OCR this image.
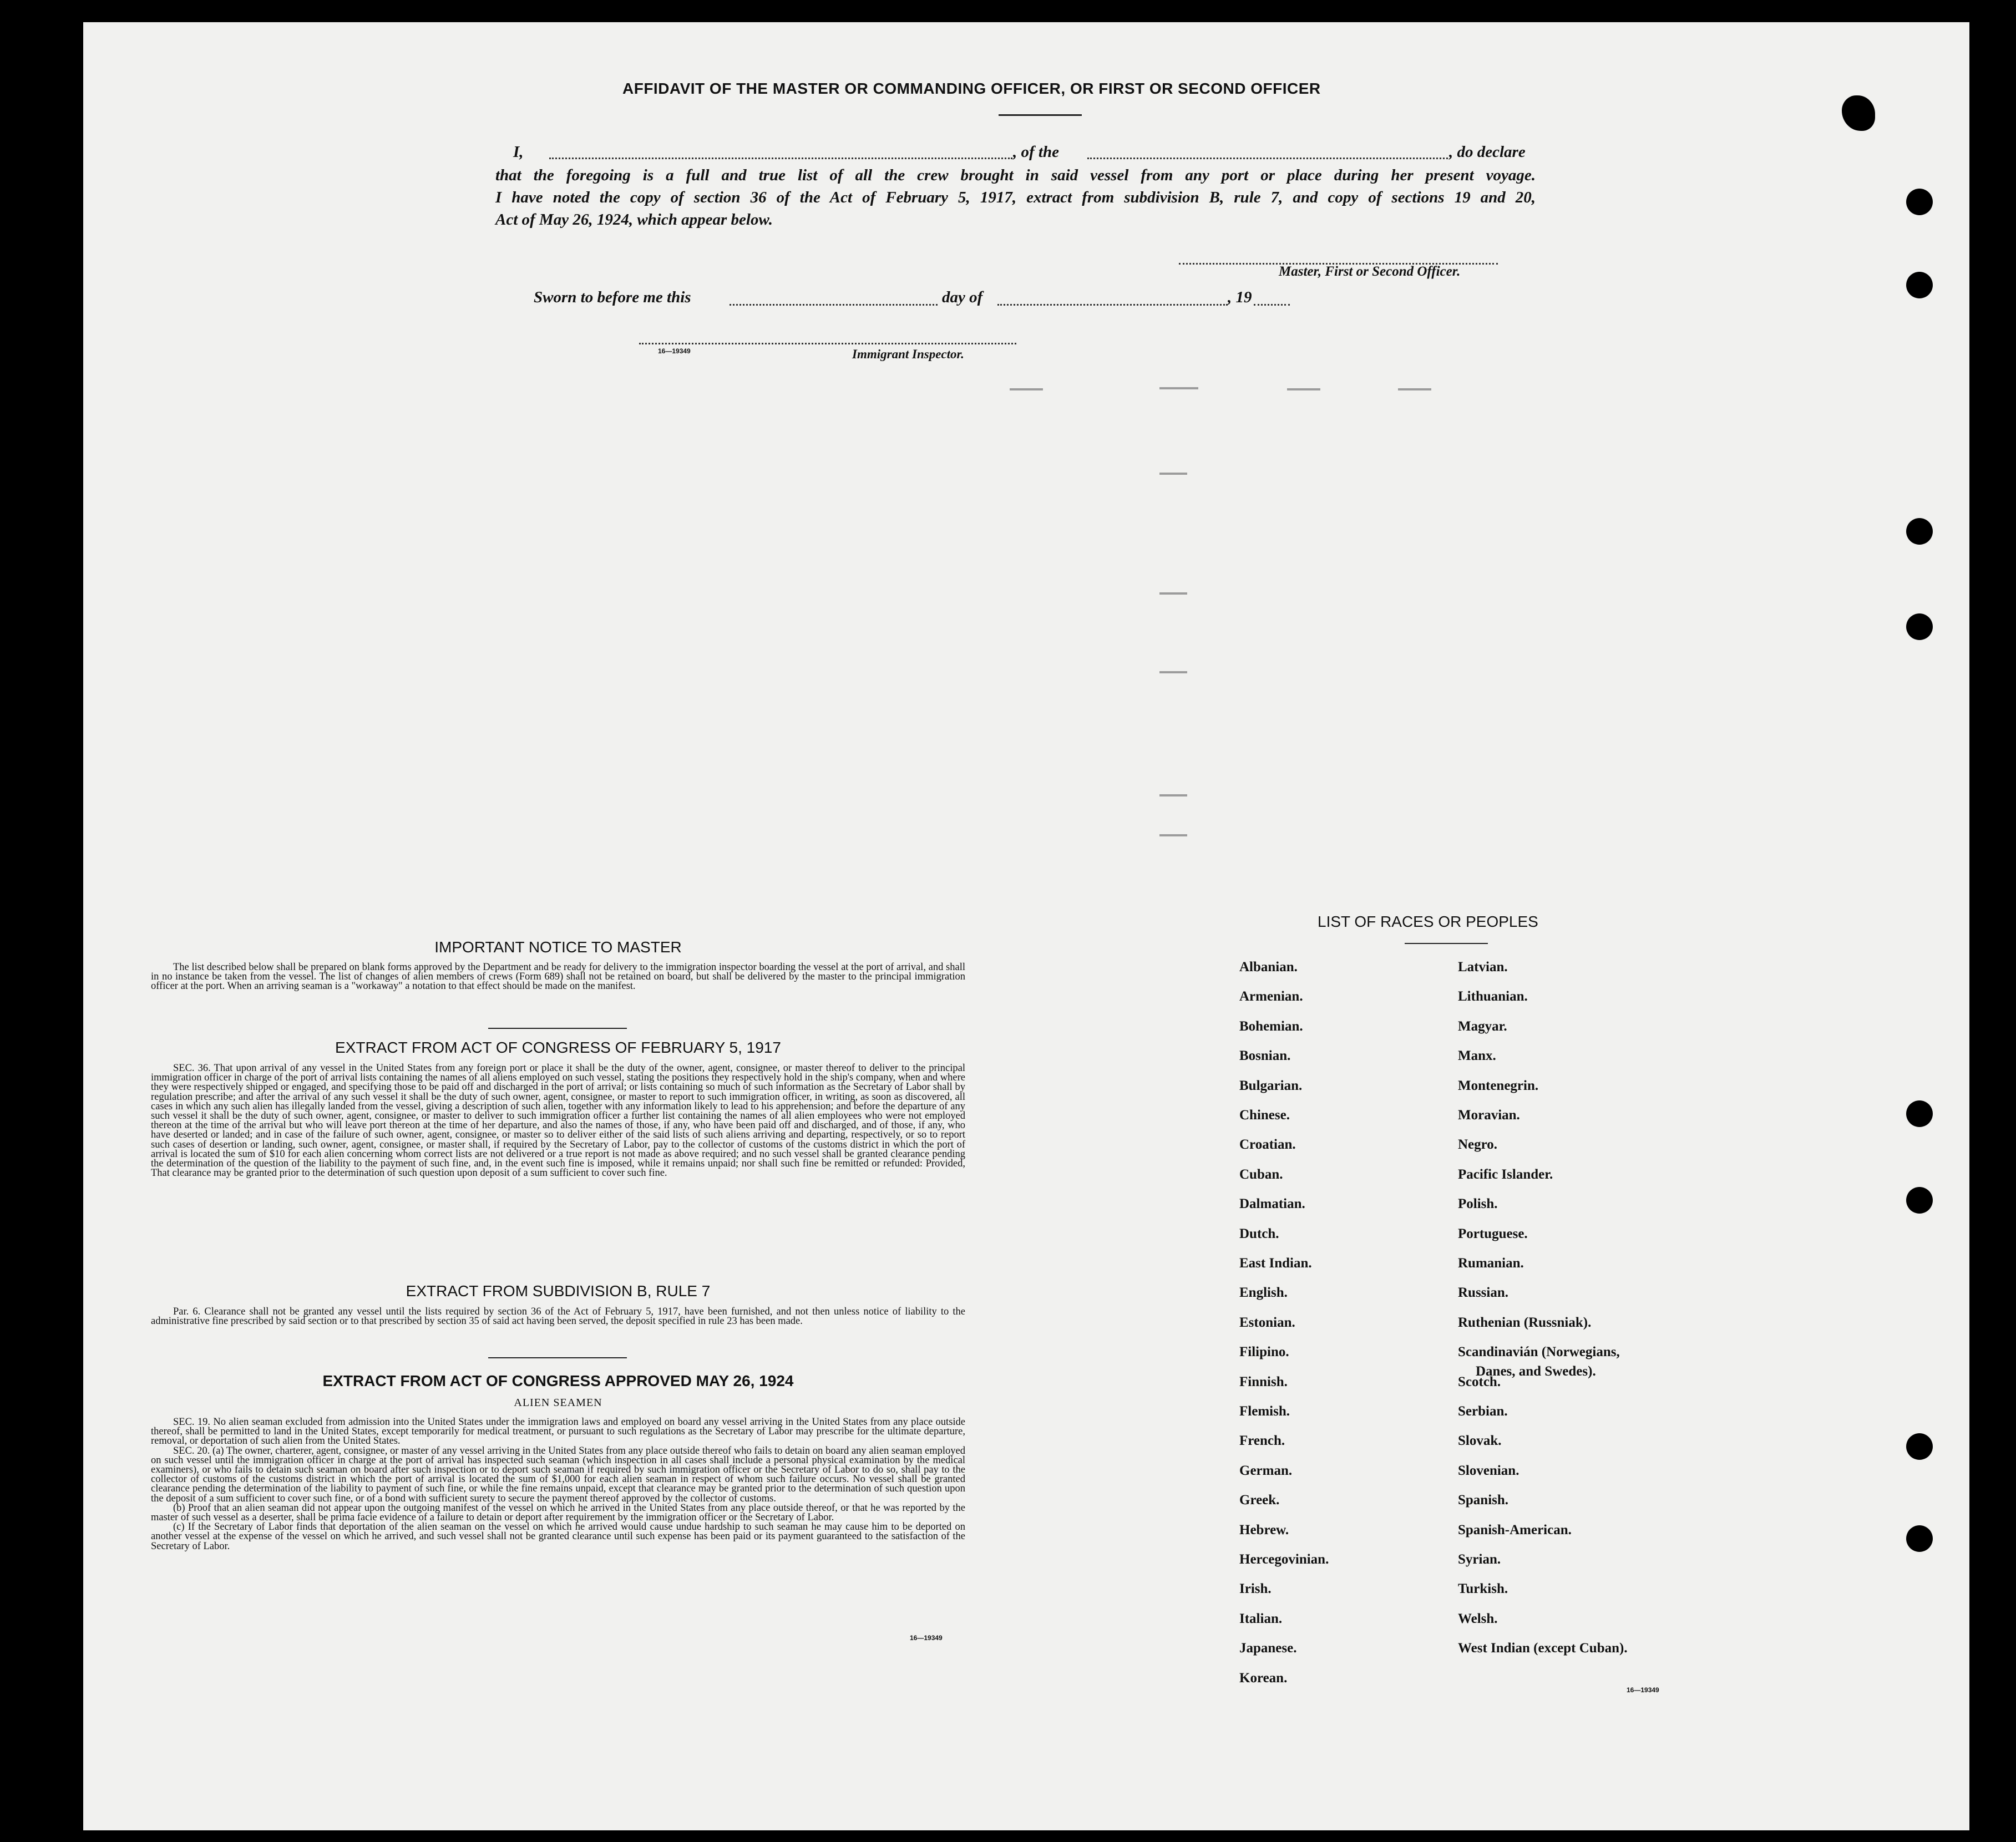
AFFIDAVIT OF THE MASTER OR COMMANDING OFFICER, OR FIRST OR SECOND OFFICER
I,	, of the	, do declare
that the foregoing is a full and true list of all the crew brought in said vessel from any port or place during her present voyage.
I have noted the copy of section 36 of the Act of February 5, 1917, extract from subdivision B, rule 7, and copy of sections 19 and 20,
Act of May 26, 1924, which appear below.
Master, First or Second Officer.
Sworn to before me this	day of	, 19
16—19349	Immigrant Inspector.
IMPORTANT NOTICE TO MASTER

The list described below shall be prepared on blank forms approved by the Department and be ready for delivery to the immigration inspector boarding the vessel at the port of arrival, and shall in no instance be taken from the vessel. The list of changes of alien members of crews (Form 689) shall not be retained on board, but shall be delivered by the master to the principal immigration officer at the port. When an arriving seaman is a "workaway" a notation to that effect should be made on the manifest.

EXTRACT FROM ACT OF CONGRESS OF FEBRUARY 5, 1917

SEC. 36. That upon arrival of any vessel in the United States from any foreign port or place it shall be the duty of the owner, agent, consignee, or master thereof to deliver to the principal immigration officer in charge of the port of arrival lists containing the names of all aliens employed on such vessel, stating the positions they respectively hold in the ship's company, when and where they were respectively shipped or engaged, and specifying those to be paid off and discharged in the port of arrival; or lists containing so much of such information as the Secretary of Labor shall by regulation prescribe; and after the arrival of any such vessel it shall be the duty of such owner, agent, consignee, or master to report to such immigration officer, in writing, as soon as discovered, all cases in which any such alien has illegally landed from the vessel, giving a description of such alien, together with any information likely to lead to his apprehension; and before the departure of any such vessel it shall be the duty of such owner, agent, consignee, or master to deliver to such immigration officer a further list containing the names of all alien employees who were not employed thereon at the time of the arrival but who will leave port thereon at the time of her departure, and also the names of those, if any, who have been paid off and discharged, and of those, if any, who have deserted or landed; and in case of the failure of such owner, agent, consignee, or master so to deliver either of the said lists of such aliens arriving and departing, respectively, or so to report such cases of desertion or landing, such owner, agent, consignee, or master shall, if required by the Secretary of Labor, pay to the collector of customs of the customs district in which the port of arrival is located the sum of $10 for each alien concerning whom correct lists are not delivered or a true report is not made as above required; and no such vessel shall be granted clearance pending the determination of the question of the liability to the payment of such fine, and, in the event such fine is imposed, while it remains unpaid; nor shall such fine be remitted or refunded: Provided, That clearance may be granted prior to the determination of such question upon deposit of a sum sufficient to cover such fine.

EXTRACT FROM SUBDIVISION B, RULE 7

Par. 6. Clearance shall not be granted any vessel until the lists required by section 36 of the Act of February 5, 1917, have been furnished, and not then unless notice of liability to the administrative fine prescribed by said section or to that prescribed by section 35 of said act having been served, the deposit specified in rule 23 has been made.

EXTRACT FROM ACT OF CONGRESS APPROVED MAY 26, 1924
ALIEN SEAMEN

SEC. 19. No alien seaman excluded from admission into the United States under the immigration laws and employed on board any vessel arriving in the United States from any place outside thereof, shall be permitted to land in the United States, except temporarily for medical treatment, or pursuant to such regulations as the Secretary of Labor may prescribe for the ultimate departure, removal, or deportation of such alien from the United States.

SEC. 20. (a) The owner, charterer, agent, consignee, or master of any vessel arriving in the United States from any place outside thereof who fails to detain on board any alien seaman employed on such vessel until the immigration officer in charge at the port of arrival has inspected such seaman (which inspection in all cases shall include a personal physical examination by the medical examiners), or who fails to detain such seaman on board after such inspection or to deport such seaman if required by such immigration officer or the Secretary of Labor to do so, shall pay to the collector of customs of the customs district in which the port of arrival is located the sum of $1,000 for each alien seaman in respect of whom such failure occurs. No vessel shall be granted clearance pending the determination of the liability to payment of such fine, or while the fine remains unpaid, except that clearance may be granted prior to the determination of such question upon the deposit of a sum sufficient to cover such fine, or of a bond with sufficient surety to secure the payment thereof approved by the collector of customs.

(b) Proof that an alien seaman did not appear upon the outgoing manifest of the vessel on which he arrived in the United States from any place outside thereof, or that he was reported by the master of such vessel as a deserter, shall be prima facie evidence of a failure to detain or deport after requirement by the immigration officer or the Secretary of Labor.

(c) If the Secretary of Labor finds that deportation of the alien seaman on the vessel on which he arrived would cause undue hardship to such seaman he may cause him to be deported on another vessel at the expense of the vessel on which he arrived, and such vessel shall not be granted clearance until such expense has been paid or its payment guaranteed to the satisfaction of the Secretary of Labor.

16—19349
LIST OF RACES OR PEOPLES
Albanian.
Armenian.
Bohemian.
Bosnian.
Bulgarian.
Chinese.
Croatian.
Cuban.
Dalmatian.
Dutch.
East Indian.
English.
Estonian.
Filipino.
Finnish.
Flemish.
French.
German.
Greek.
Hebrew.
Hercegovinian.
Irish.
Italian.
Japanese.
Korean.
Latvian.
Lithuanian.
Magyar.
Manx.
Montenegrin.
Moravian.
Negro.
Pacific Islander.
Polish.
Portuguese.
Rumanian.
Russian.
Ruthenian (Russniak).
Scandinavián (Norwegians,
Danes, and Swedes).
Scotch.
Serbian.
Slovak.
Slovenian.
Spanish.
Spanish-American.
Syrian.
Turkish.
Welsh.
West Indian (except Cuban).
16—19349
